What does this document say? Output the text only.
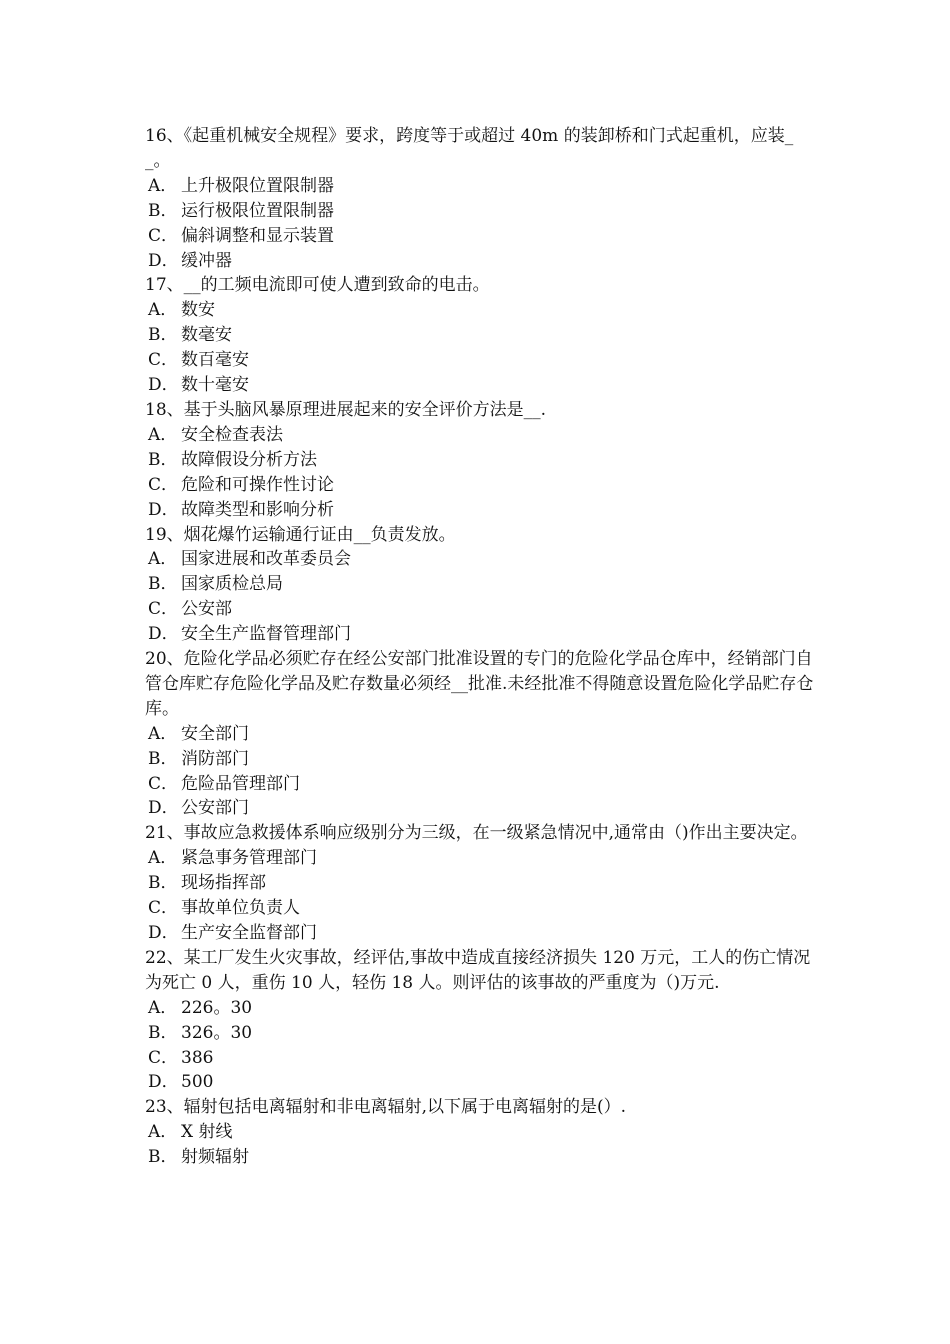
16、《起重机械安全规程》要求，跨度等于或超过 40m 的装卸桥和门式起重机，应装__。
A． 上升极限位置限制器
B． 运行极限位置限制器
C． 偏斜调整和显示装置
D． 缓冲器
17、__的工频电流即可使人遭到致命的电击。
A． 数安
B． 数毫安
C． 数百毫安
D． 数十毫安
18、基于头脑风暴原理进展起来的安全评价方法是__.
A． 安全检查表法
B． 故障假设分析方法
C． 危险和可操作性讨论
D． 故障类型和影响分析
19、烟花爆竹运输通行证由__负责发放。
A． 国家进展和改革委员会
B． 国家质检总局
C． 公安部
D． 安全生产监督管理部门
20、危险化学品必须贮存在经公安部门批准设置的专门的危险化学品仓库中，经销部门自管仓库贮存危险化学品及贮存数量必须经__批准.未经批准不得随意设置危险化学品贮存仓库。
A． 安全部门
B． 消防部门
C． 危险品管理部门
D． 公安部门
21、事故应急救援体系响应级别分为三级，在一级紧急情况中,通常由（)作出主要决定。
A． 紧急事务管理部门
B． 现场指挥部
C． 事故单位负责人
D． 生产安全监督部门
22、某工厂发生火灾事故，经评估,事故中造成直接经济损失 120 万元，工人的伤亡情况为死亡 0 人，重伤 10 人，轻伤 18 人。则评估的该事故的严重度为（)万元.
A． 226。30
B． 326。30
C． 386
D． 500
23、辐射包括电离辐射和非电离辐射,以下属于电离辐射的是(）.
A． X 射线
B． 射频辐射
